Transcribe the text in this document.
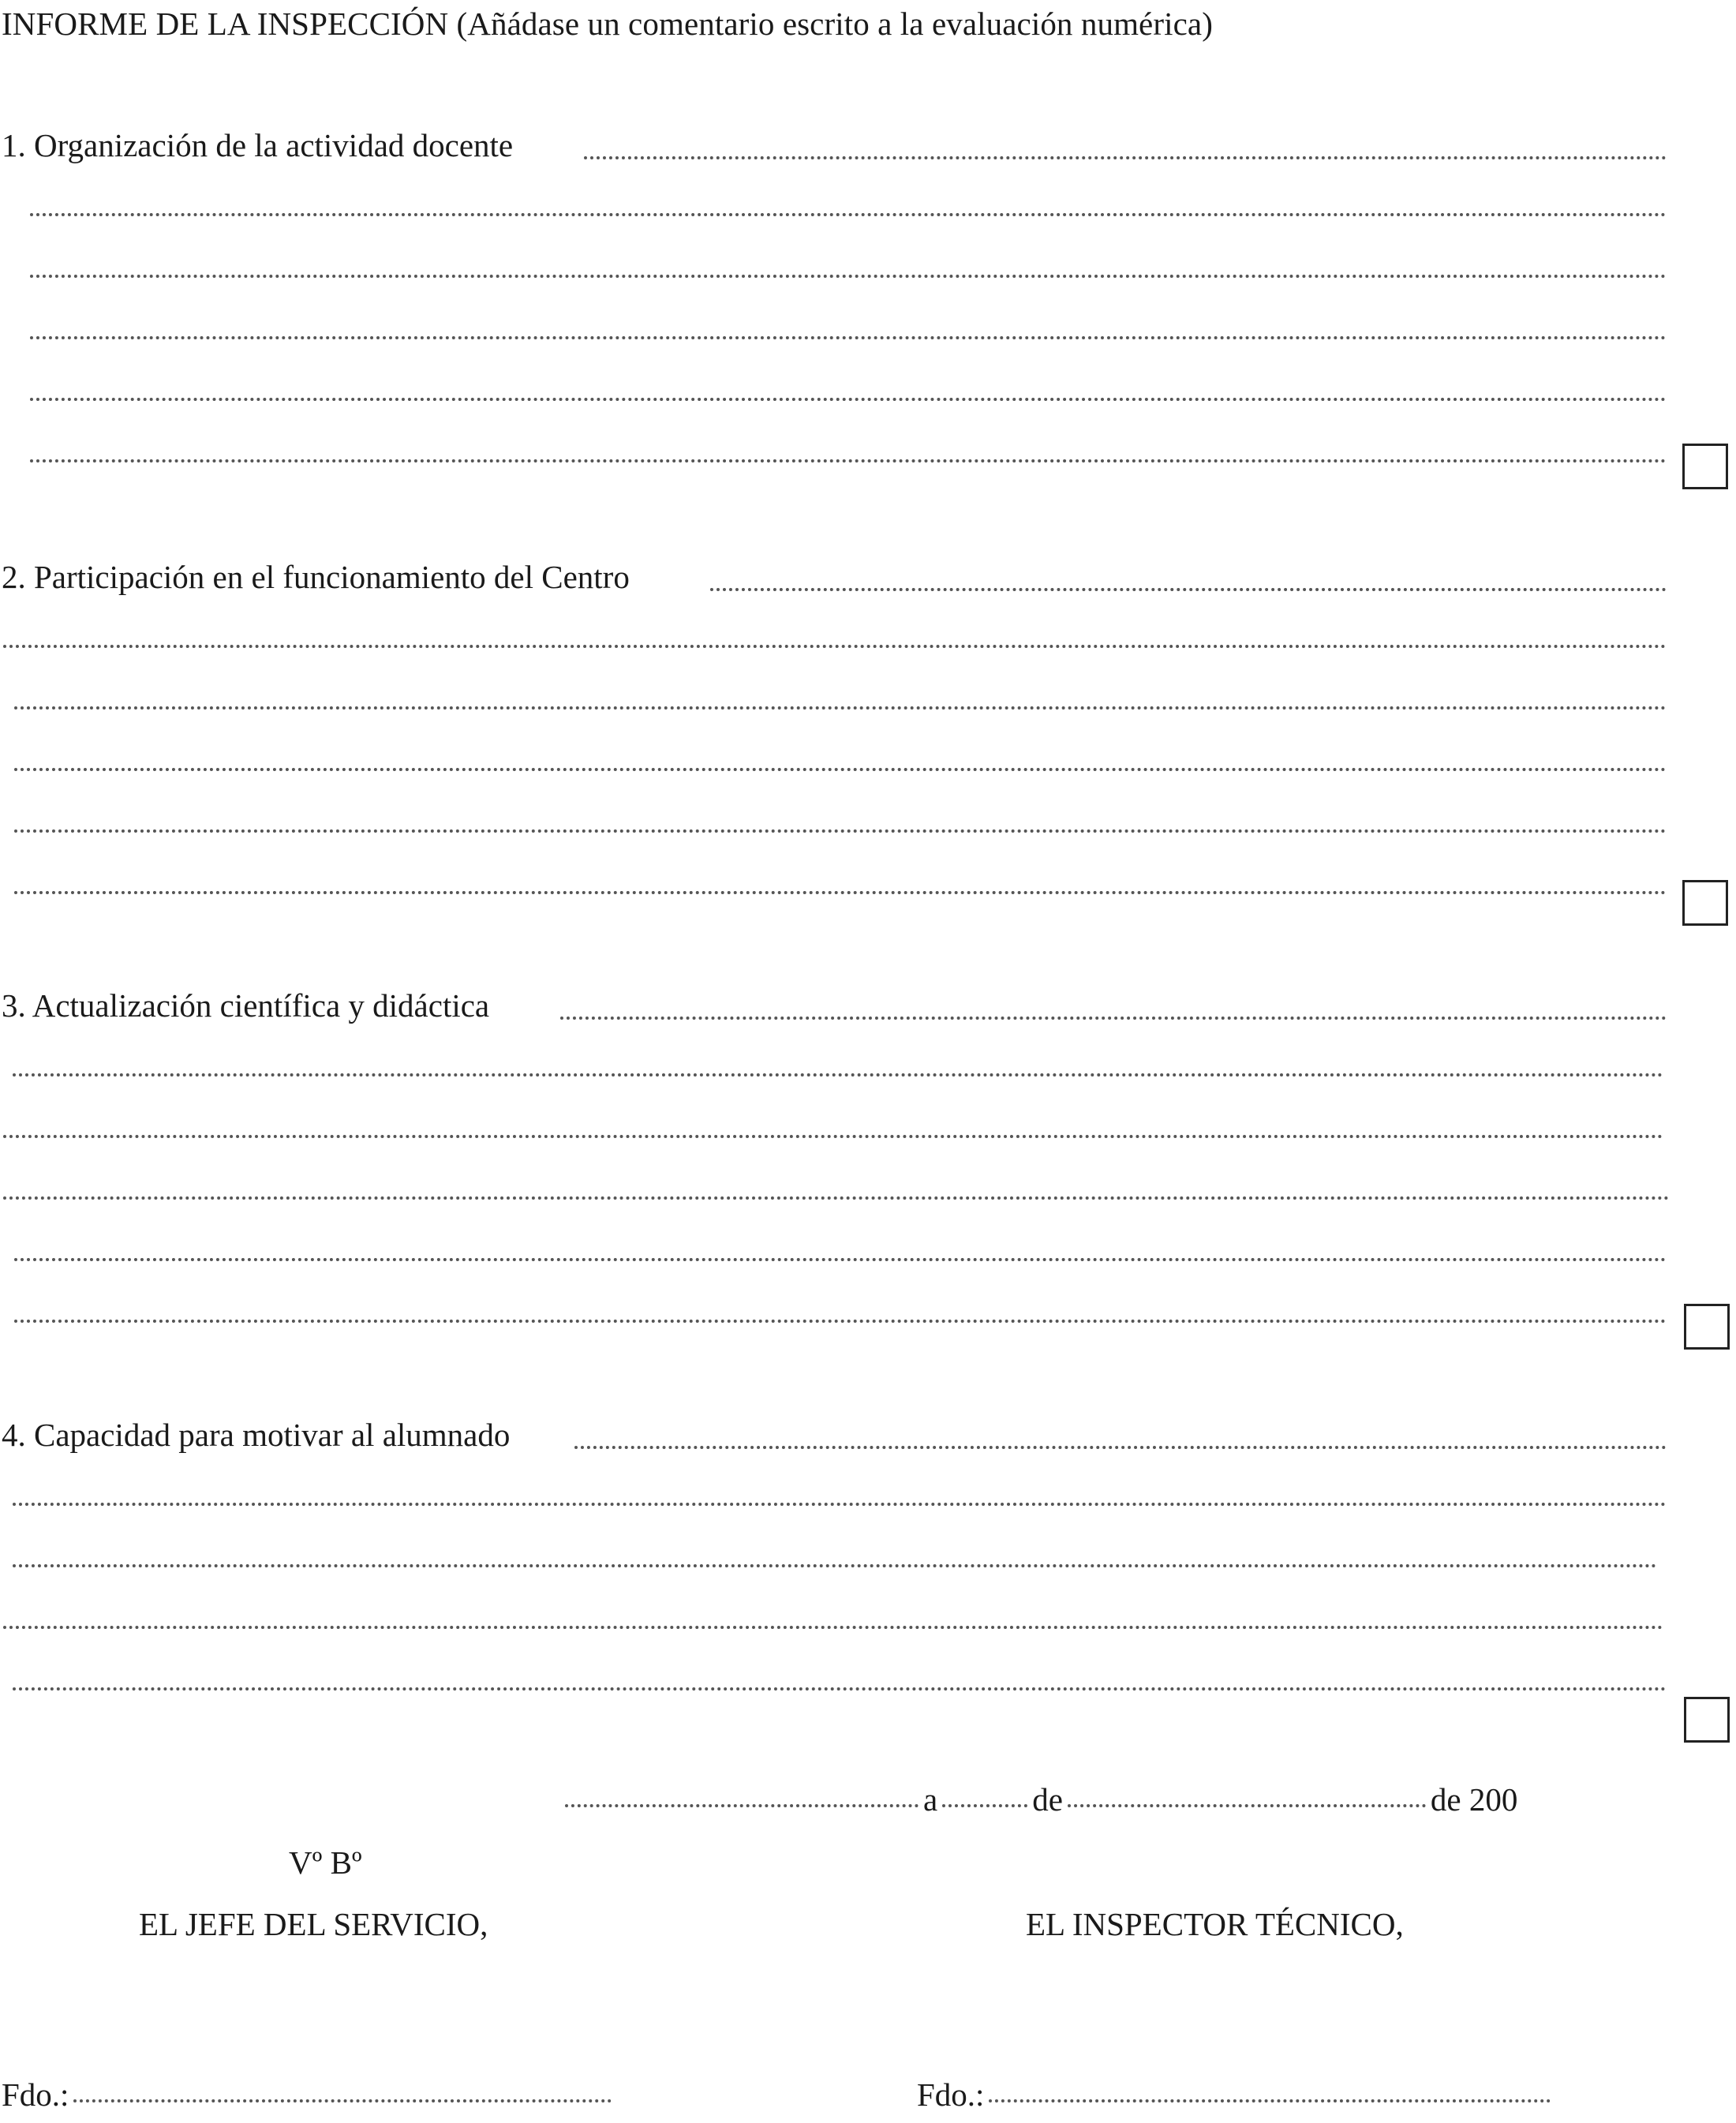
INFORME DE LA INSPECCIÓN (Añádase un comentario escrito a la evaluación numérica)
1. Organización de la actividad docente
2. Participación en el funcionamiento del Centro
3. Actualización científica y didáctica
4. Capacidad para motivar al alumnado
a	de	de 200
Vº Bº
EL JEFE DEL SERVICIO,	EL INSPECTOR TÉCNICO,
Fdo.:	Fdo.:
